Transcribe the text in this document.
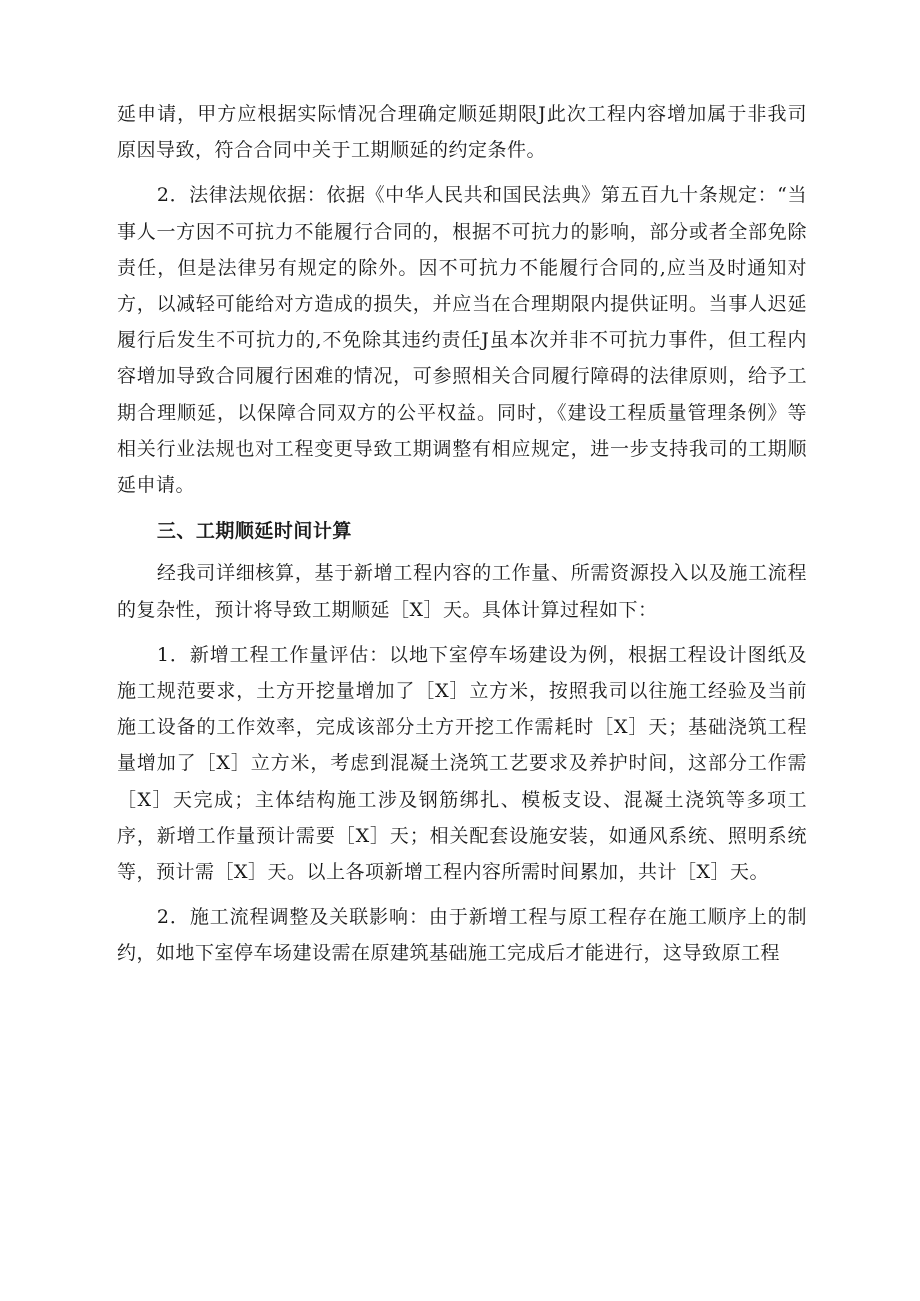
延申请，甲方应根据实际情况合理确定顺延期限J此次工程内容增加属于非我司原因导致，符合合同中关于工期顺延的约定条件。

2．法律法规依据：依据《中华人民共和国民法典》第五百九十条规定：“当事人一方因不可抗力不能履行合同的，根据不可抗力的影响，部分或者全部免除责任，但是法律另有规定的除外。因不可抗力不能履行合同的,应当及时通知对方，以减轻可能给对方造成的损失，并应当在合理期限内提供证明。当事人迟延履行后发生不可抗力的,不免除其违约责任J虽本次并非不可抗力事件，但工程内容增加导致合同履行困难的情况，可参照相关合同履行障碍的法律原则，给予工期合理顺延，以保障合同双方的公平权益。同时，《建设工程质量管理条例》等相关行业法规也对工程变更导致工期调整有相应规定，进一步支持我司的工期顺延申请。

三、工期顺延时间计算

经我司详细核算，基于新增工程内容的工作量、所需资源投入以及施工流程的复杂性，预计将导致工期顺延［X］天。具体计算过程如下：

1．新增工程工作量评估：以地下室停车场建设为例，根据工程设计图纸及施工规范要求，土方开挖量增加了［X］立方米，按照我司以往施工经验及当前施工设备的工作效率，完成该部分土方开挖工作需耗时［X］天；基础浇筑工程量增加了［X］立方米，考虑到混凝土浇筑工艺要求及养护时间，这部分工作需［X］天完成；主体结构施工涉及钢筋绑扎、模板支设、混凝土浇筑等多项工序，新增工作量预计需要［X］天；相关配套设施安装，如通风系统、照明系统等，预计需［X］天。以上各项新增工程内容所需时间累加，共计［X］天。

2．施工流程调整及关联影响：由于新增工程与原工程存在施工顺序上的制约，如地下室停车场建设需在原建筑基础施工完成后才能进行，这导致原工程
